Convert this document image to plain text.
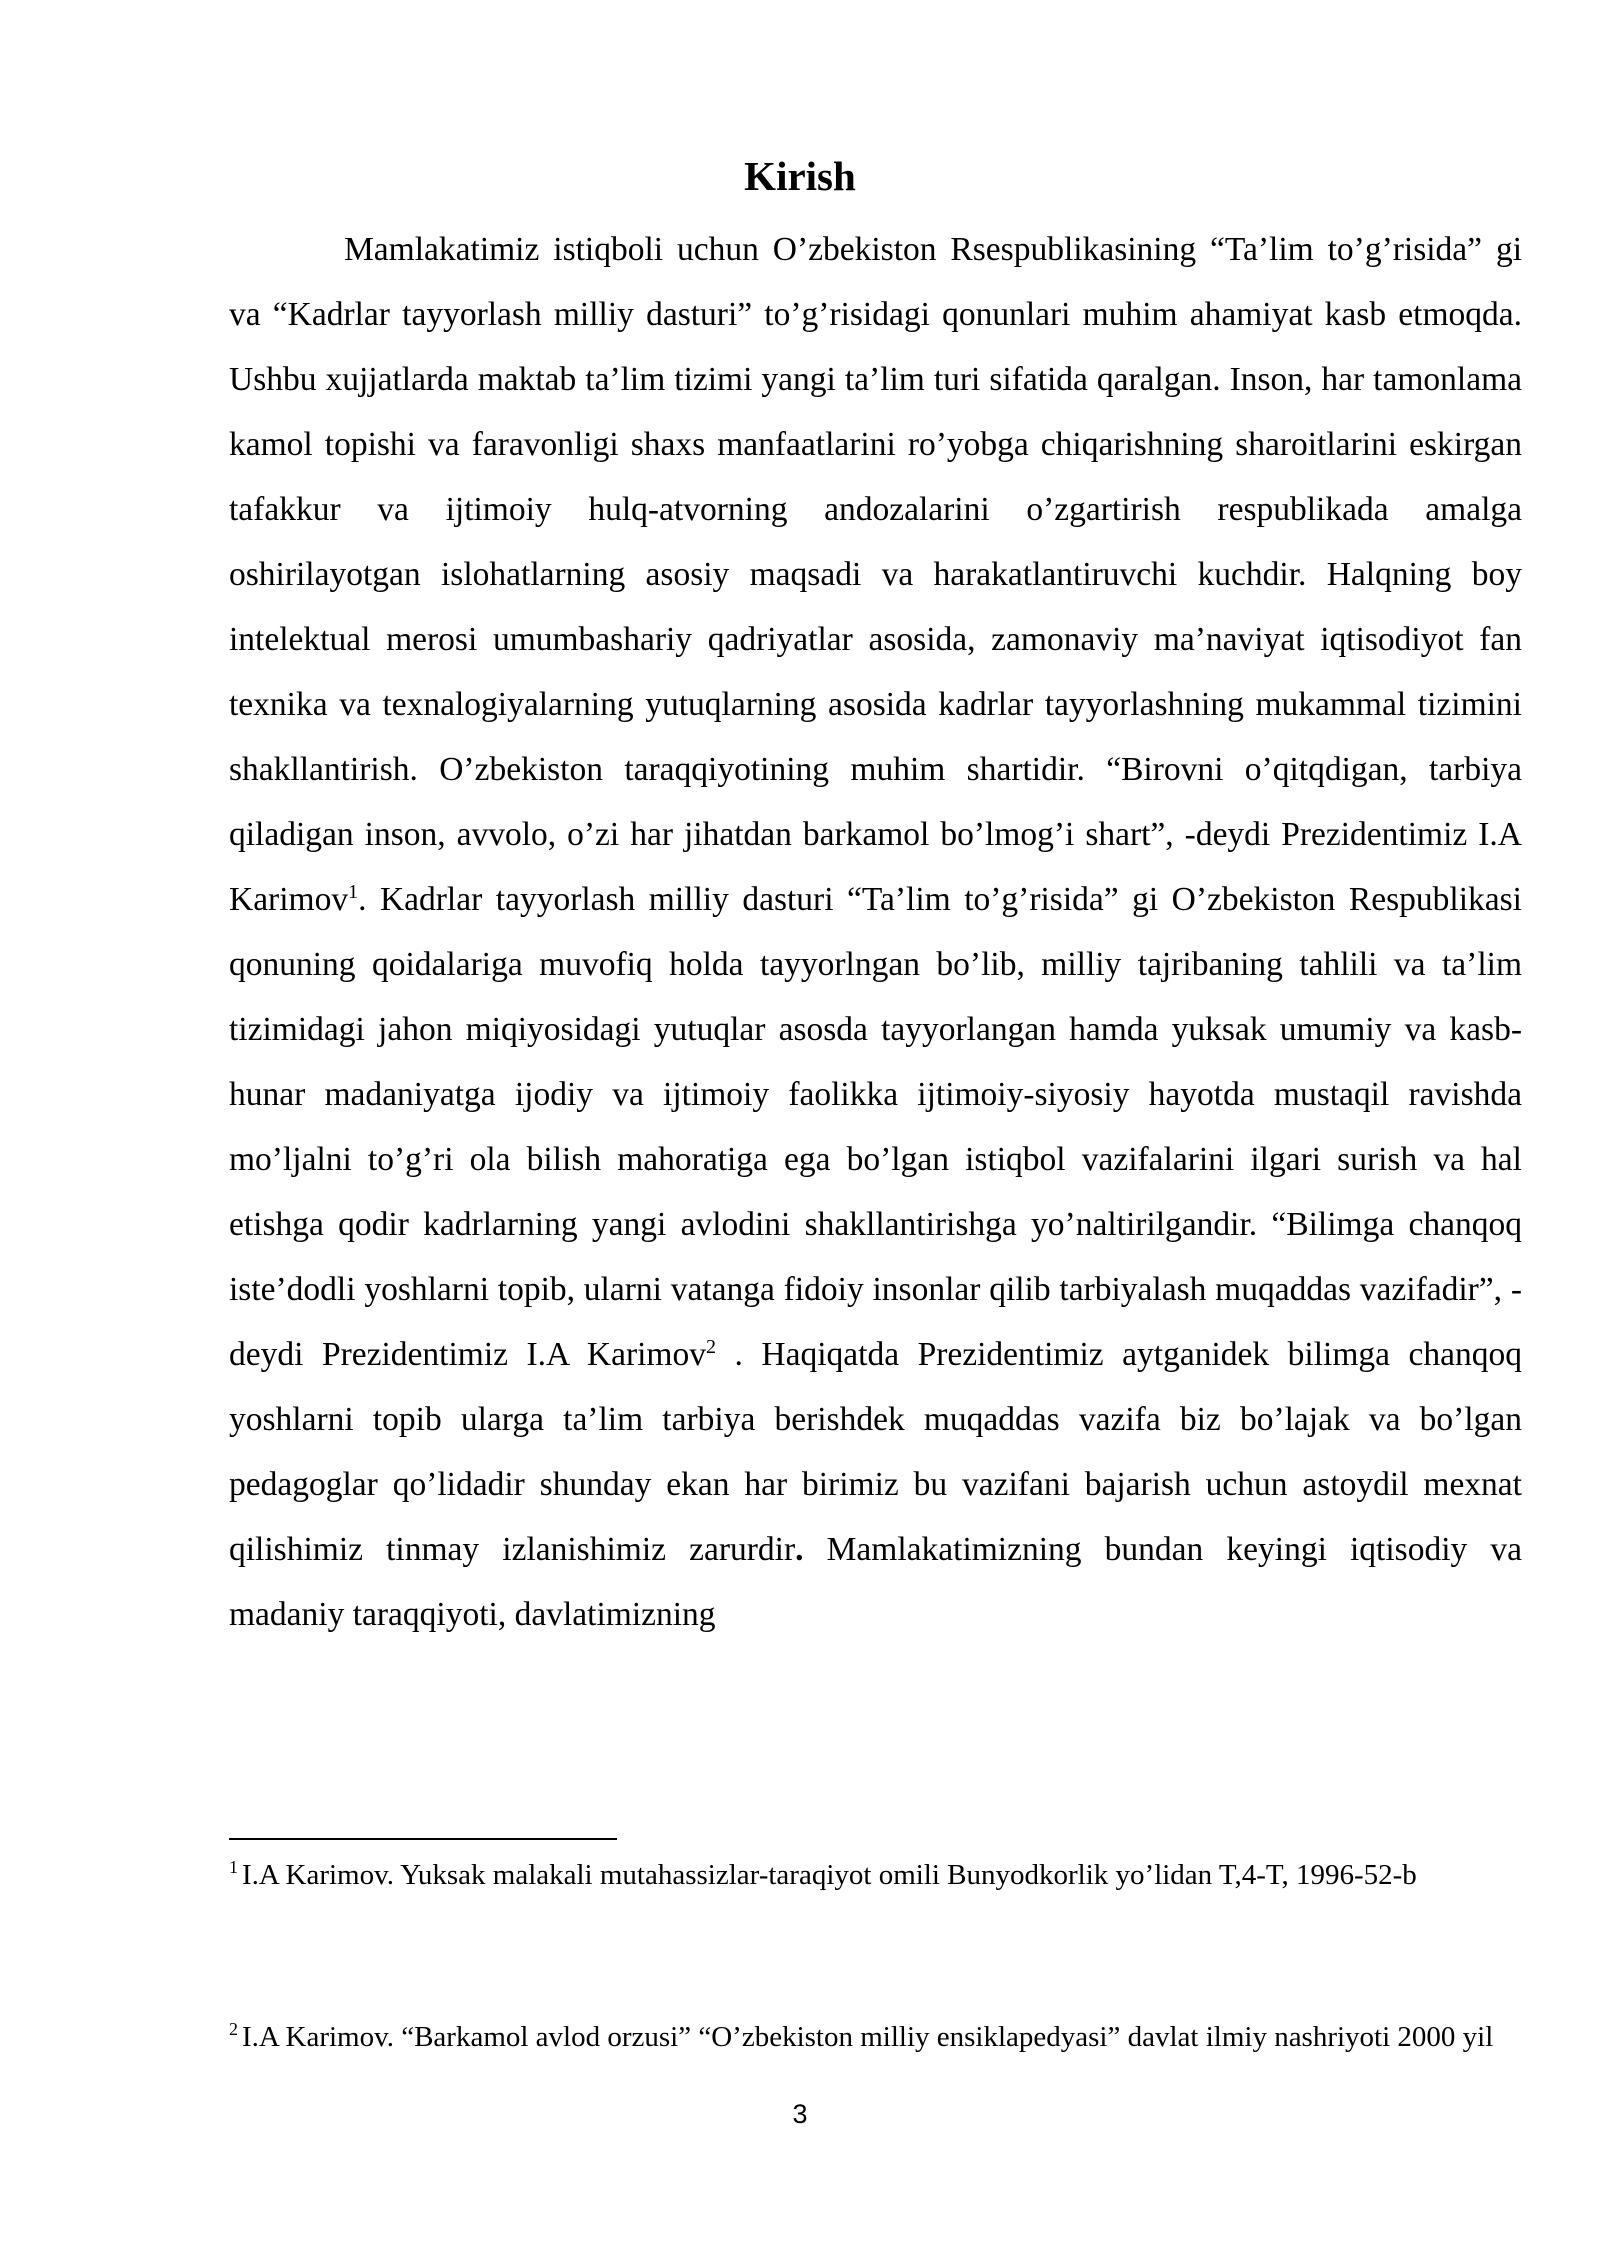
Kirish

Mamlakatimiz istiqboli uchun O’zbekiston Rsespublikasining “Ta’lim to’g’risida” gi va “Kadrlar tayyorlash milliy dasturi” to’g’risidagi qonunlari muhim ahamiyat kasb etmoqda. Ushbu xujjatlarda maktab ta’lim tizimi yangi ta’lim turi sifatida qaralgan. Inson, har tamonlama kamol topishi va faravonligi shaxs manfaatlarini ro’yobga chiqarishning sharoitlarini eskirgan tafakkur va ijtimoiy hulq-atvorning andozalarini o’zgartirish respublikada amalga oshirilayotgan islohatlarning asosiy maqsadi va harakatlantiruvchi kuchdir. Halqning boy intelektual merosi umumbashariy qadriyatlar asosida, zamonaviy ma’naviyat iqtisodiyot fan texnika va texnalogiyalarning yutuqlarning asosida kadrlar tayyorlashning mukammal tizimini shakllantirish. O’zbekiston taraqqiyotining muhim shartidir. “Birovni o’qitqdigan, tarbiya qiladigan inson, avvolo, o’zi har jihatdan barkamol bo’lmog’i shart”, -deydi Prezidentimiz I.A Karimov$^1$. Kadrlar tayyorlash milliy dasturi “Ta’lim to’g’risida” gi O’zbekiston Respublikasi qonuning qoidalariga muvofiq holda tayyorlngan bo’lib, milliy tajribaning tahlili va ta’lim tizimidagi jahon miqiyosidagi yutuqlar asosda tayyorlangan hamda yuksak umumiy va kasb-hunar madaniyatga ijodiy va ijtimoiy faolikka ijtimoiy-siyosiy hayotda mustaqil ravishda mo’ljalni to’g’ri ola bilish mahoratiga ega bo’lgan istiqbol vazifalarini ilgari surish va hal etishga qodir kadrlarning yangi avlodini shakllantirishga yo’naltirilgandir. “Bilimga chanqoq iste’dodli yoshlarni topib, ularni vatanga fidoiy insonlar qilib tarbiyalash muqaddas vazifadir”, -deydi Prezidentimiz I.A Karimov$^2$ . Haqiqatda Prezidentimiz aytganidek bilimga chanqoq yoshlarni topib ularga ta’lim tarbiya berishdek muqaddas vazifa biz bo’lajak va bo’lgan pedagoglar qo’lidadir shunday ekan har birimiz bu vazifani bajarish uchun astoydil mexnat qilishimiz tinmay izlanishimiz zarurdir. Mamlakatimizning bundan keyingi iqtisodiy va madaniy taraqqiyoti, davlatimizning

$^1$ I.A Karimov. Yuksak malakali mutahassizlar-taraqiyot omili Bunyodkorlik yo’lidan T,4-T, 1996-52-b

$^2$ I.A Karimov. “Barkamol avlod orzusi” “O’zbekiston milliy ensiklapedyasi” davlat ilmiy nashriyoti 2000 yil

3
